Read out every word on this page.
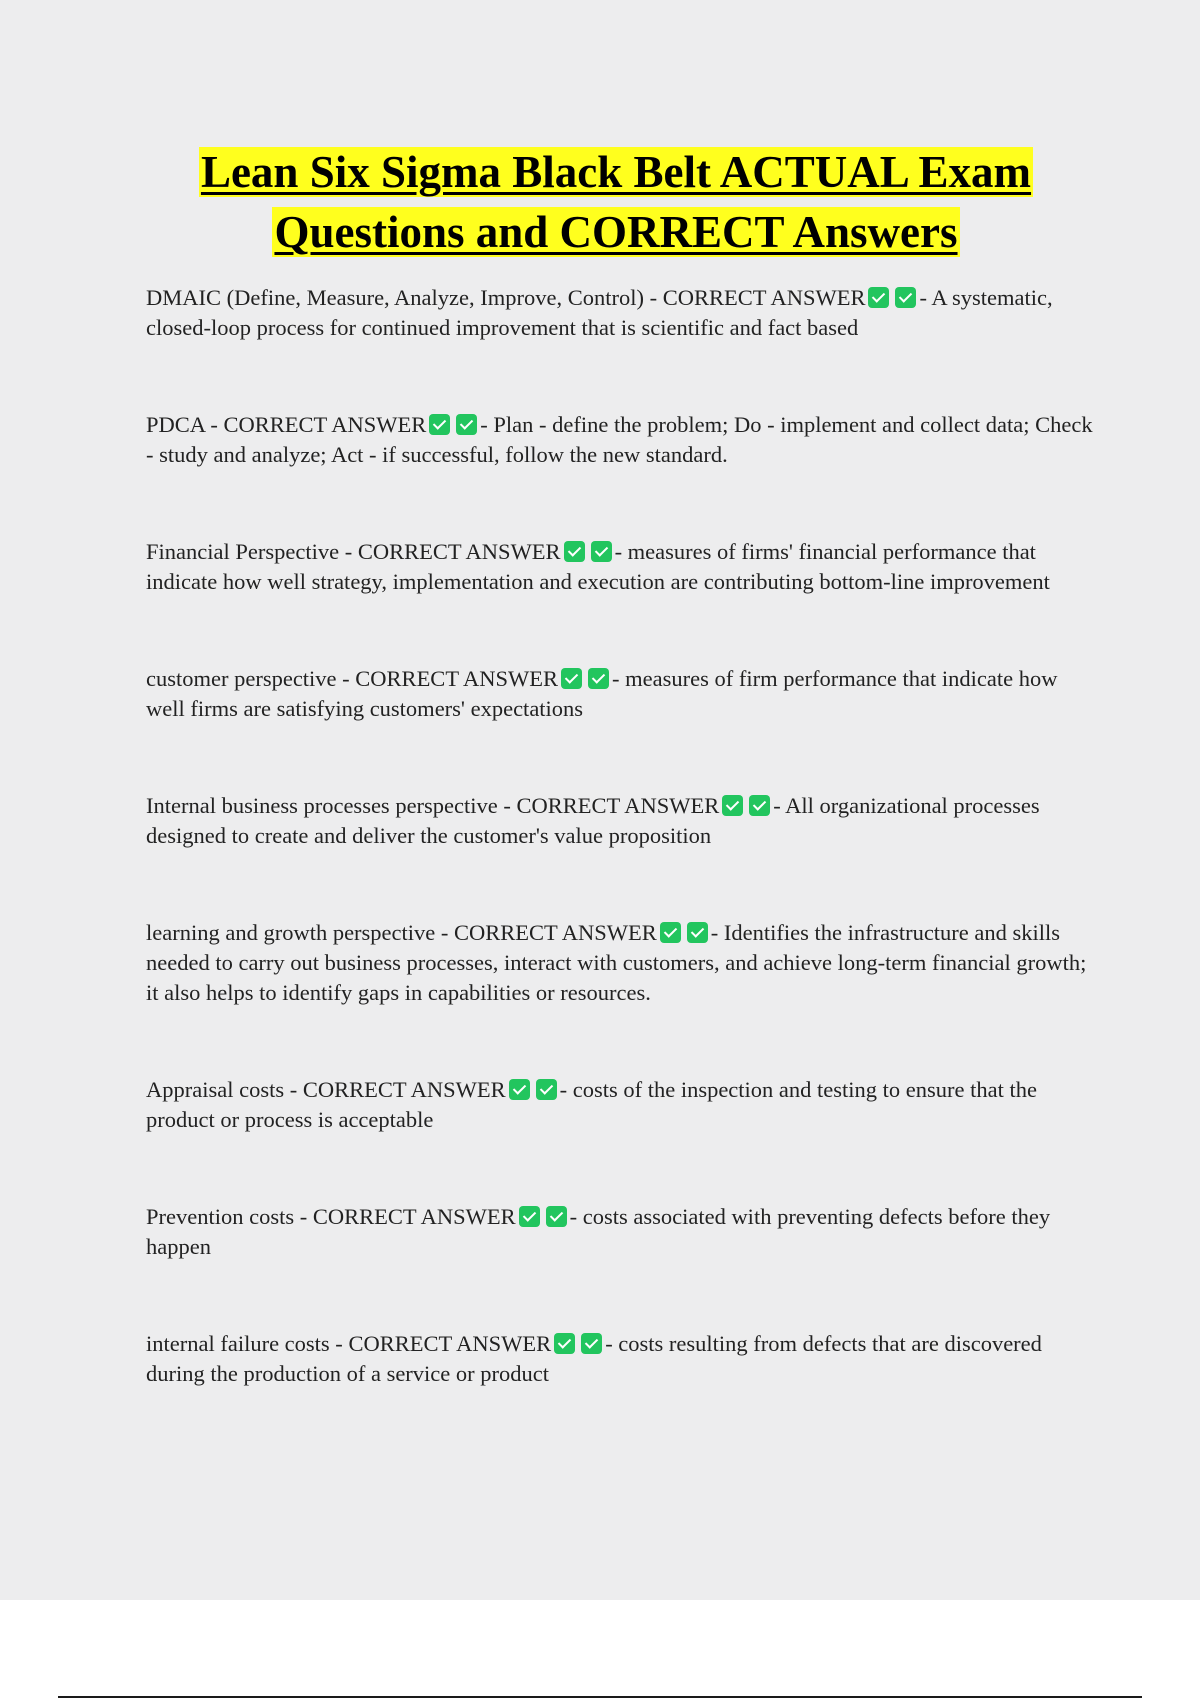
Lean Six Sigma Black Belt ACTUAL Exam
Questions and CORRECT Answers

DMAIC (Define, Measure, Analyze, Improve, Control) - CORRECT ANSWER - A systematic, closed-loop process for continued improvement that is scientific and fact based

PDCA - CORRECT ANSWER - Plan - define the problem; Do - implement and collect data; Check - study and analyze; Act - if successful, follow the new standard.

Financial Perspective - CORRECT ANSWER - measures of firms' financial performance that indicate how well strategy, implementation and execution are contributing bottom-line improvement

customer perspective - CORRECT ANSWER - measures of firm performance that indicate how well firms are satisfying customers' expectations

Internal business processes perspective - CORRECT ANSWER - All organizational processes designed to create and deliver the customer's value proposition

learning and growth perspective - CORRECT ANSWER - Identifies the infrastructure and skills needed to carry out business processes, interact with customers, and achieve long-term financial growth; it also helps to identify gaps in capabilities or resources.

Appraisal costs - CORRECT ANSWER - costs of the inspection and testing to ensure that the product or process is acceptable

Prevention costs - CORRECT ANSWER - costs associated with preventing defects before they happen

internal failure costs - CORRECT ANSWER - costs resulting from defects that are discovered during the production of a service or product
